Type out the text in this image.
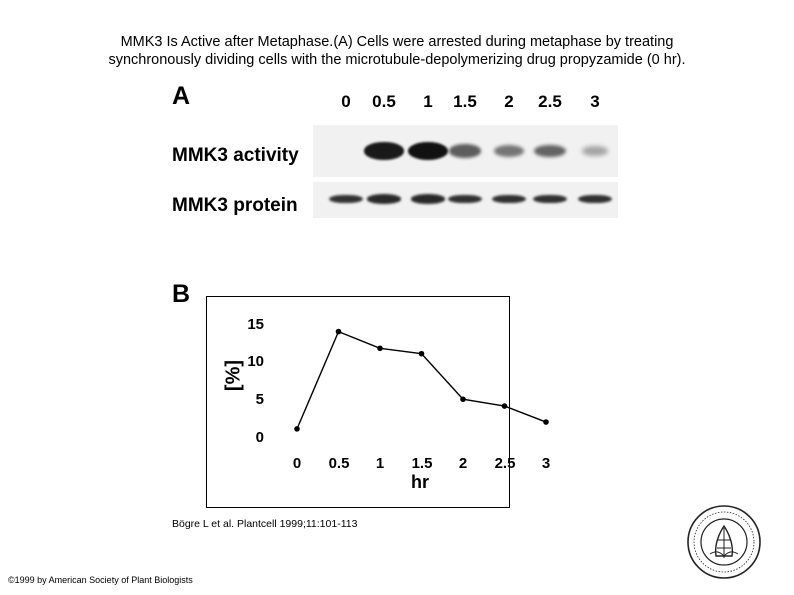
MMK3 Is Active after Metaphase.(A) Cells were arrested during metaphase by treating
synchronously dividing cells with the microtubule-depolymerizing drug propyzamide (0 hr).
A	0	0.5	1	1.5	2	2.5	3
MMK3 activity
MMK3 protein
B
15
10
5
0
0	0.5	1	1.5	2	2.5	3
[%]
hr
Bögre L et al. Plantcell 1999;11:101-113
©1999 by American Society of Plant Biologists
